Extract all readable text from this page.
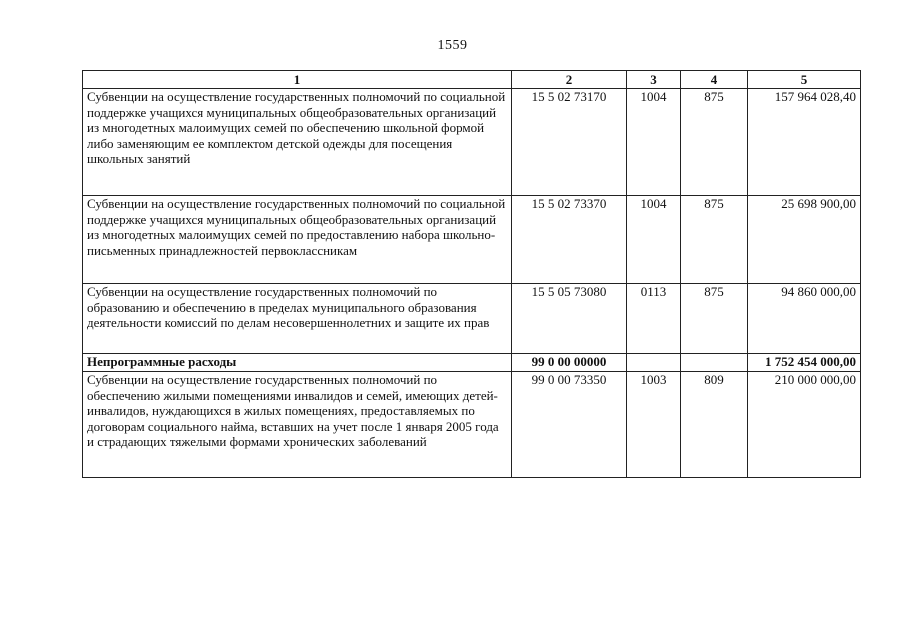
1559
1	2	3	4	5
Субвенции на осуществление государственных полномочий по социальной поддержке учащихся муниципальных общеобразовательных организаций из многодетных малоимущих семей по обеспечению школьной формой либо заменяющим ее комплектом детской одежды для посещения школьных занятий	15 5 02 73170	1004	875	157 964 028,40
Субвенции на осуществление государственных полномочий по социальной поддержке учащихся муниципальных общеобразовательных организаций из многодетных малоимущих семей по предоставлению набора школьно-письменных принадлежностей первоклассникам	15 5 02 73370	1004	875	25 698 900,00
Субвенции на осуществление государственных полномочий по образованию и обеспечению в пределах муниципального образования деятельности комиссий по делам несовершеннолетних и защите их прав	15 5 05 73080	0113	875	94 860 000,00
Непрограммные расходы	99 0 00 00000			1 752 454 000,00
Субвенции на осуществление государственных полномочий по обеспечению жилыми помещениями инвалидов и семей, имеющих детей-инвалидов, нуждающихся в жилых помещениях, предоставляемых по договорам социального найма, вставших на учет после 1 января 2005 года и страдающих тяжелыми формами хронических заболеваний	99 0 00 73350	1003	809	210 000 000,00
